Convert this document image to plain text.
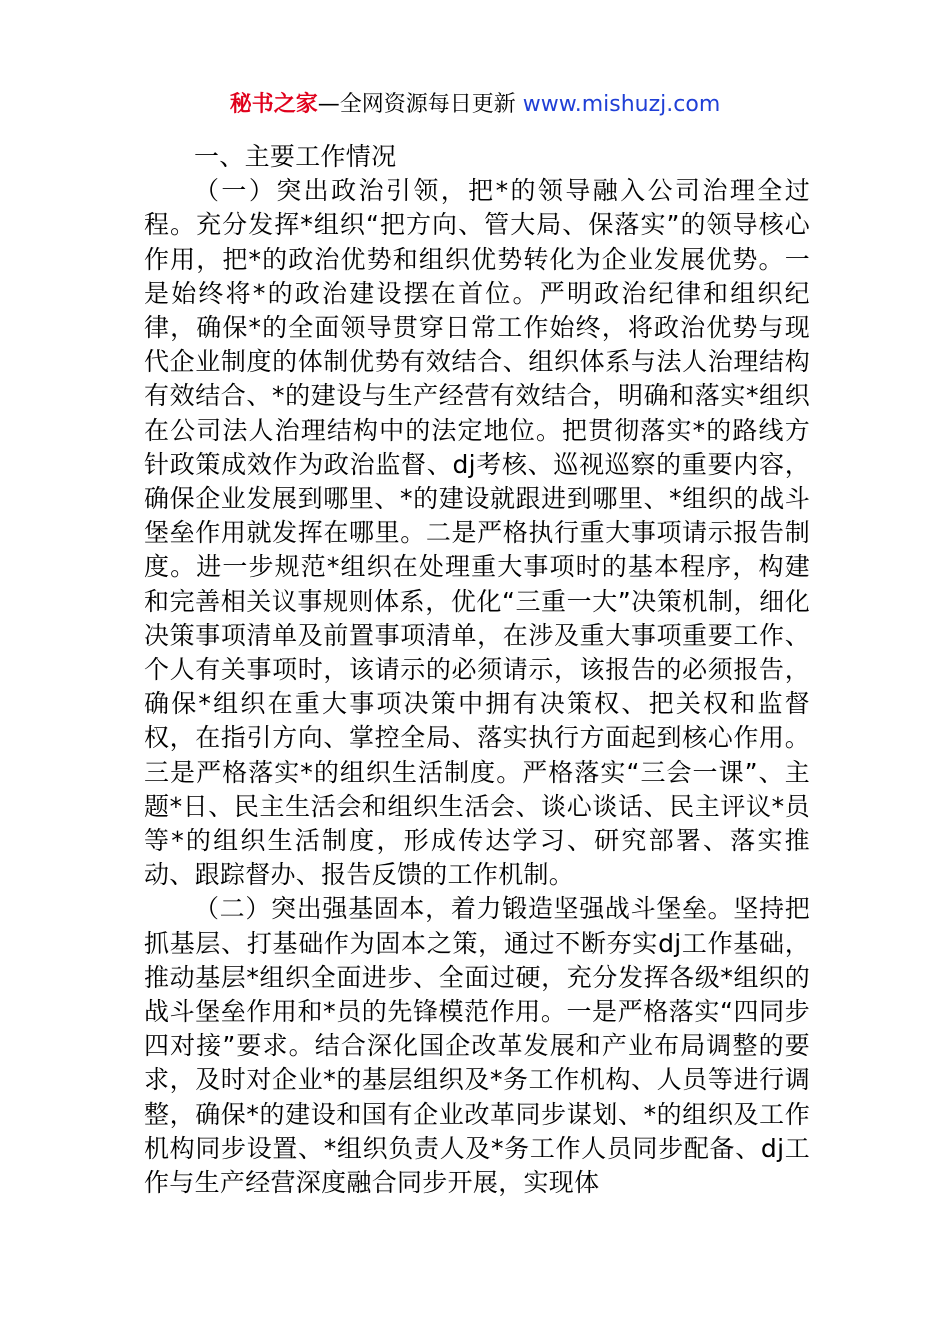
秘书之家—全网资源每日更新 www.mishuzj.com

一、主要工作情况

（一）突出政治引领，把*的领导融入公司治理全过程。充分发挥*组织“把方向、管大局、保落实”的领导核心作用，把*的政治优势和组织优势转化为企业发展优势。一是始终将*的政治建设摆在首位。严明政治纪律和组织纪律，确保*的全面领导贯穿日常工作始终，将政治优势与现代企业制度的体制优势有效结合、组织体系与法人治理结构有效结合、*的建设与生产经营有效结合，明确和落实*组织在公司法人治理结构中的法定地位。把贯彻落实*的路线方针政策成效作为政治监督、dj考核、巡视巡察的重要内容，确保企业发展到哪里、*的建设就跟进到哪里、*组织的战斗堡垒作用就发挥在哪里。二是严格执行重大事项请示报告制度。进一步规范*组织在处理重大事项时的基本程序，构建和完善相关议事规则体系，优化“三重一大”决策机制，细化决策事项清单及前置事项清单，在涉及重大事项重要工作、个人有关事项时，该请示的必须请示，该报告的必须报告，确保*组织在重大事项决策中拥有决策权、把关权和监督权，在指引方向、掌控全局、落实执行方面起到核心作用。三是严格落实*的组织生活制度。严格落实“三会一课”、主题*日、民主生活会和组织生活会、谈心谈话、民主评议*员等*的组织生活制度，形成传达学习、研究部署、落实推动、跟踪督办、报告反馈的工作机制。

（二）突出强基固本，着力锻造坚强战斗堡垒。坚持把抓基层、打基础作为固本之策，通过不断夯实dj工作基础，推动基层*组织全面进步、全面过硬，充分发挥各级*组织的战斗堡垒作用和*员的先锋模范作用。一是严格落实“四同步四对接”要求。结合深化国企改革发展和产业布局调整的要求，及时对企业*的基层组织及*务工作机构、人员等进行调整，确保*的建设和国有企业改革同步谋划、*的组织及工作机构同步设置、*组织负责人及*务工作人员同步配备、dj工作与生产经营深度融合同步开展，实现体
